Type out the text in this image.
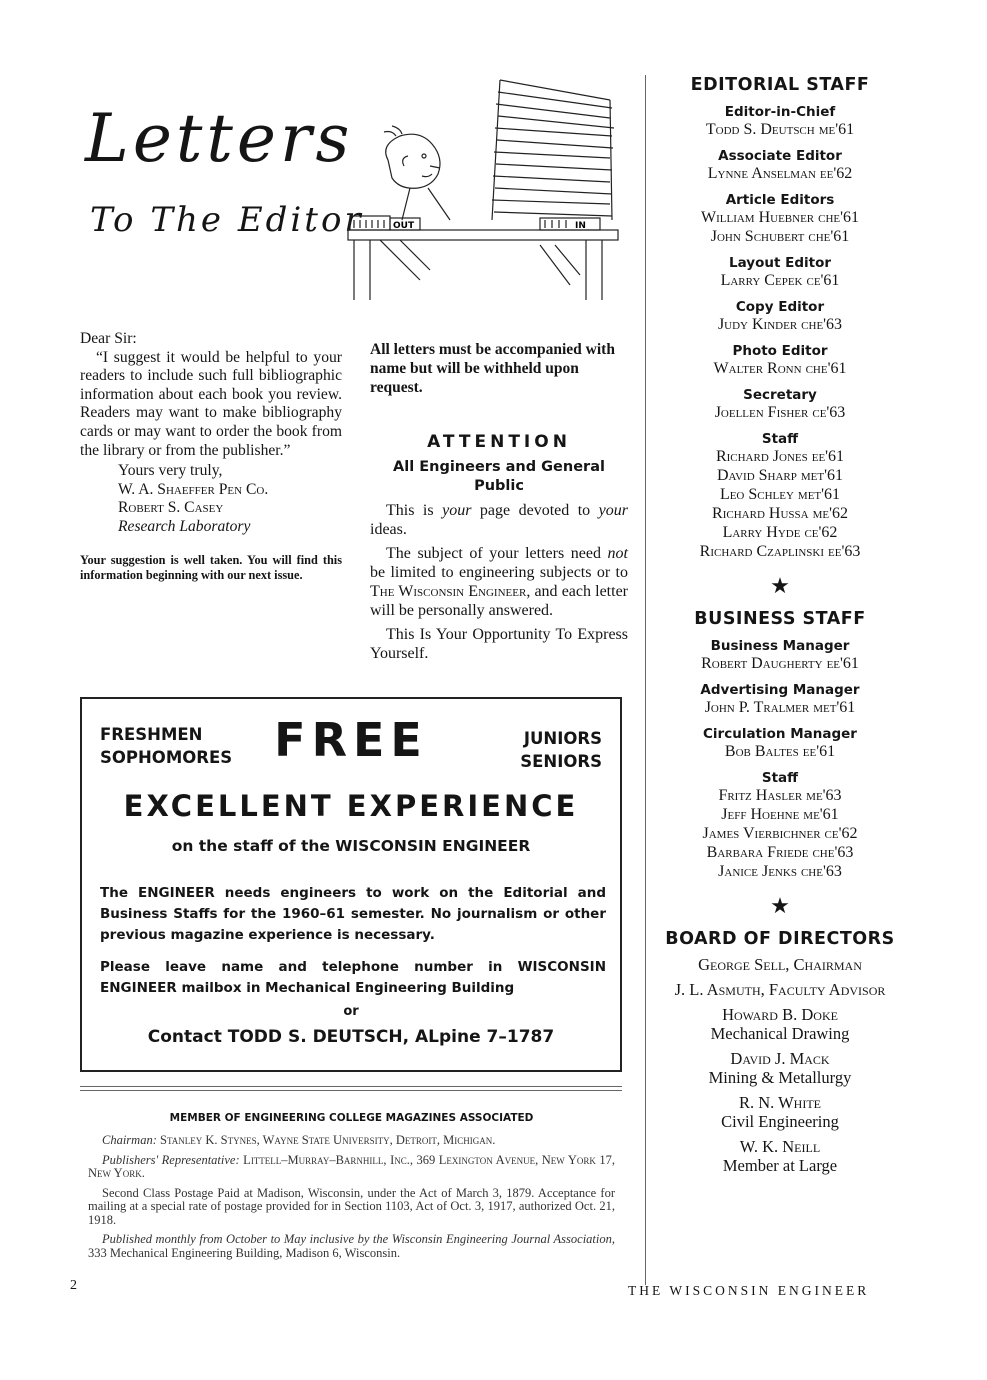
Letters
To The Editor	OUT	IN

Dear Sir:

“I suggest it would be helpful to your readers to include such full bibliographic information about each book you review. Readers may want to make bibliography cards or may want to order the book from the library or from the publisher.”

Yours very truly,

W. A. Shaeffer Pen Co.

Robert S. Casey

Research Laboratory

Your suggestion is well taken. You will find this information beginning with our next issue.

All letters must be accompanied with name but will be withheld upon request.

ATTENTION

All Engineers and General Public

This is your page devoted to your ideas.

The subject of your letters need not be limited to engineering subjects or to The Wisconsin Engineer, and each letter will be personally answered.

This Is Your Opportunity To Express Yourself.

FRESHMEN
SOPHOMORES FREE	JUNIORS
SENIORS
EXCELLENT EXPERIENCE
on the staff of the WISCONSIN ENGINEER
The ENGINEER needs engineers to work on the Editorial and Business Staffs for the 1960–61 semester. No journalism or other previous magazine experience is necessary.
Please leave name and telephone number in WISCONSIN ENGINEER mailbox in Mechanical Engineering Building
or
Contact TODD S. DEUTSCH, ALpine 7–1787
MEMBER OF ENGINEERING COLLEGE MAGAZINES ASSOCIATED

Chairman: Stanley K. Stynes, Wayne State University, Detroit, Michigan.

Publishers' Representative: Littell–Murray–Barnhill, Inc., 369 Lexington Avenue, New York 17, New York.

Second Class Postage Paid at Madison, Wisconsin, under the Act of March 3, 1879. Acceptance for mailing at a special rate of postage provided for in Section 1103, Act of Oct. 3, 1917, authorized Oct. 21, 1918.

Published monthly from October to May inclusive by the Wisconsin Engineering Journal Association, 333 Mechanical Engineering Building, Madison 6, Wisconsin.

2
EDITORIAL STAFF
Editor-in-Chief
Todd S. Deutsch me'61
Associate Editor
Lynne Anselman ee'62
Article Editors
William Huebner che'61
John Schubert che'61
Layout Editor
Larry Cepek ce'61
Copy Editor
Judy Kinder che'63
Photo Editor
Walter Ronn che'61
Secretary
Joellen Fisher ce'63
Staff
Richard Jones ee'61
David Sharp met'61
Leo Schley met'61
Richard Hussa me'62
Larry Hyde ce'62
Richard Czaplinski ee'63
★
BUSINESS STAFF
Business Manager
Robert Daugherty ee'61
Advertising Manager
John P. Tralmer met'61
Circulation Manager
Bob Baltes ee'61
Staff
Fritz Hasler me'63
Jeff Hoehne me'61
James Vierbichner ce'62
Barbara Friede che'63
Janice Jenks che'63
★
BOARD OF DIRECTORS
George Sell, Chairman
J. L. Asmuth, Faculty Advisor
Howard B. Doke
Mechanical Drawing
David J. Mack
Mining & Metallurgy
R. N. White
Civil Engineering
W. K. Neill
Member at Large
THE WISCONSIN ENGINEER
